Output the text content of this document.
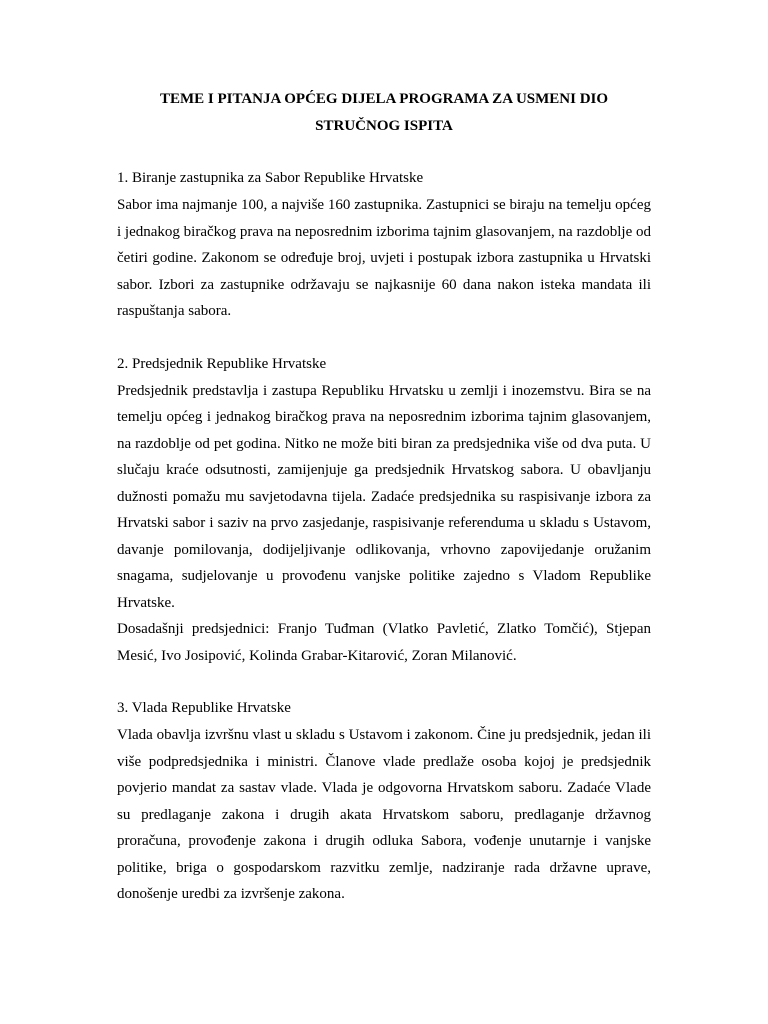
TEME I PITANJA OPĆEG DIJELA PROGRAMA ZA USMENI DIO
STRUČNOG ISPITA

1. Biranje zastupnika za Sabor Republike Hrvatske

Sabor ima najmanje 100, a najviše 160 zastupnika. Zastupnici se biraju na temelju općeg i jednakog biračkog prava na neposrednim izborima tajnim glasovanjem, na razdoblje od četiri godine. Zakonom se određuje broj, uvjeti i postupak izbora zastupnika u Hrvatski sabor. Izbori za zastupnike održavaju se najkasnije 60 dana nakon isteka mandata ili raspuštanja sabora.

2. Predsjednik Republike Hrvatske

Predsjednik predstavlja i zastupa Republiku Hrvatsku u zemlji i inozemstvu. Bira se na temelju općeg i jednakog biračkog prava na neposrednim izborima tajnim glasovanjem, na razdoblje od pet godina. Nitko ne može biti biran za predsjednika više od dva puta. U slučaju kraće odsutnosti, zamijenjuje ga predsjednik Hrvatskog sabora. U obavljanju dužnosti pomažu mu savjetodavna tijela. Zadaće predsjednika su raspisivanje izbora za Hrvatski sabor i saziv na prvo zasjedanje, raspisivanje referenduma u skladu s Ustavom, davanje pomilovanja, dodijeljivanje odlikovanja, vrhovno zapovijedanje oružanim snagama, sudjelovanje u provođenu vanjske politike zajedno s Vladom Republike Hrvatske.

Dosadašnji predsjednici: Franjo Tuđman (Vlatko Pavletić, Zlatko Tomčić), Stjepan Mesić, Ivo Josipović, Kolinda Grabar-Kitarović, Zoran Milanović.

3. Vlada Republike Hrvatske

Vlada obavlja izvršnu vlast u skladu s Ustavom i zakonom. Čine ju predsjednik, jedan ili više podpredsjednika i ministri. Članove vlade predlaže osoba kojoj je predsjednik povjerio mandat za sastav vlade. Vlada je odgovorna Hrvatskom saboru. Zadaće Vlade su predlaganje zakona i drugih akata Hrvatskom saboru, predlaganje državnog proračuna, provođenje zakona i drugih odluka Sabora, vođenje unutarnje i vanjske politike, briga o gospodarskom razvitku zemlje, nadziranje rada državne uprave, donošenje uredbi za izvršenje zakona.
